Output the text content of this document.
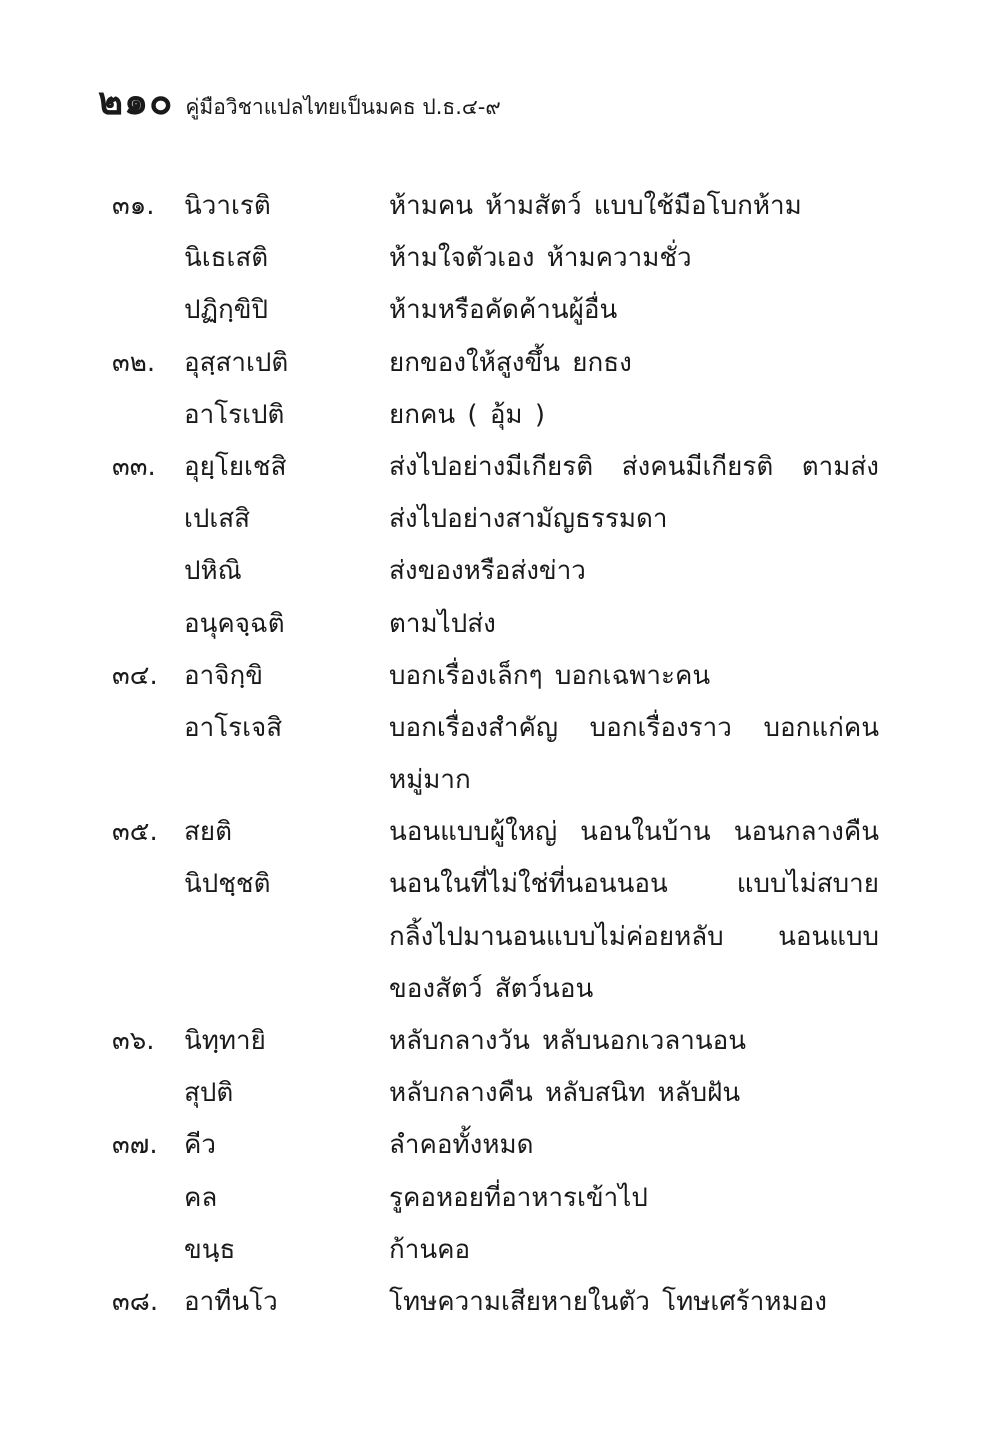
๒๑๐ คู่มือวิชาแปลไทยเป็นมคธ ป.ธ.๔-๙
๓๑. นิวาเรติ	ห้ามคน ห้ามสัตว์ แบบใช้มือโบกห้าม
นิเธเสติ	ห้ามใจตัวเอง ห้ามความชั่ว
ปฏิกฺขิปิ	ห้ามหรือคัดค้านผู้อื่น
๓๒. อุสฺสาเปติ	ยกของให้สูงขึ้น ยกธง
อาโรเปติ	ยกคน ( อุ้ม )
๓๓. อุยฺโยเชสิ	ส่งไปอย่างมีเกียรติ ส่งคนมีเกียรติ ตามส่ง
เปเสสิ	ส่งไปอย่างสามัญธรรมดา
ปหิณิ	ส่งของหรือส่งข่าว
อนุคจฺฉติ	ตามไปส่ง
๓๔. อาจิกฺขิ	บอกเรื่องเล็กๆ บอกเฉพาะคน
อาโรเจสิ	บอกเรื่องสำคัญ บอกเรื่องราว บอกแก่คน
หมู่มาก
๓๕. สยติ	นอนแบบผู้ใหญ่ นอนในบ้าน นอนกลางคืน
นิปชฺชติ	นอนในที่ไม่ใช่ที่นอนนอน แบบไม่สบาย
กลิ้งไปมานอนแบบไม่ค่อยหลับ นอนแบบ
ของสัตว์ สัตว์นอน
๓๖. นิทฺทายิ	หลับกลางวัน หลับนอกเวลานอน
สุปติ	หลับกลางคืน หลับสนิท หลับฝัน
๓๗. คีว	ลำคอทั้งหมด
คล	รูคอหอยที่อาหารเข้าไป
ขนฺธ	ก้านคอ
๓๘. อาทีนโว	โทษความเสียหายในตัว โทษเศร้าหมอง
